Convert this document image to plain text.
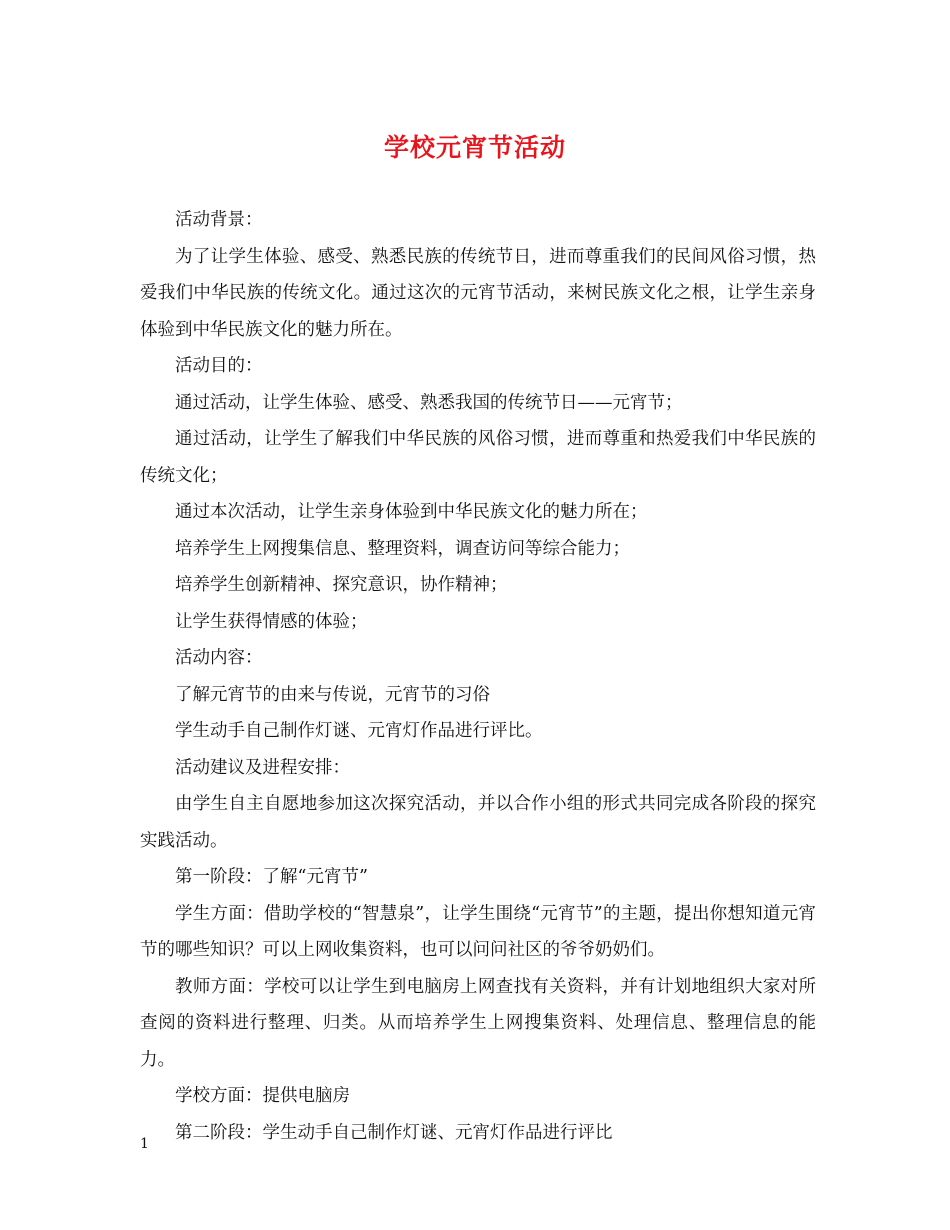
学校元宵节活动

活动背景：

为了让学生体验、感受、熟悉民族的传统节日，进而尊重我们的民间风俗习惯，热爱我们中华民族的传统文化。通过这次的元宵节活动，来树民族文化之根，让学生亲身体验到中华民族文化的魅力所在。

活动目的：

通过活动，让学生体验、感受、熟悉我国的传统节日——元宵节；

通过活动，让学生了解我们中华民族的风俗习惯，进而尊重和热爱我们中华民族的传统文化；

通过本次活动，让学生亲身体验到中华民族文化的魅力所在；

培养学生上网搜集信息、整理资料，调查访问等综合能力；

培养学生创新精神、探究意识，协作精神；

让学生获得情感的体验；

活动内容：

了解元宵节的由来与传说，元宵节的习俗

学生动手自己制作灯谜、元宵灯作品进行评比。

活动建议及进程安排：

由学生自主自愿地参加这次探究活动，并以合作小组的形式共同完成各阶段的探究实践活动。

第一阶段：了解“元宵节”

学生方面：借助学校的“智慧泉”，让学生围绕“元宵节”的主题，提出你想知道元宵节的哪些知识？可以上网收集资料，也可以问问社区的爷爷奶奶们。

教师方面：学校可以让学生到电脑房上网查找有关资料，并有计划地组织大家对所查阅的资料进行整理、归类。从而培养学生上网搜集资料、处理信息、整理信息的能力。

学校方面：提供电脑房

第二阶段：学生动手自己制作灯谜、元宵灯作品进行评比

1
